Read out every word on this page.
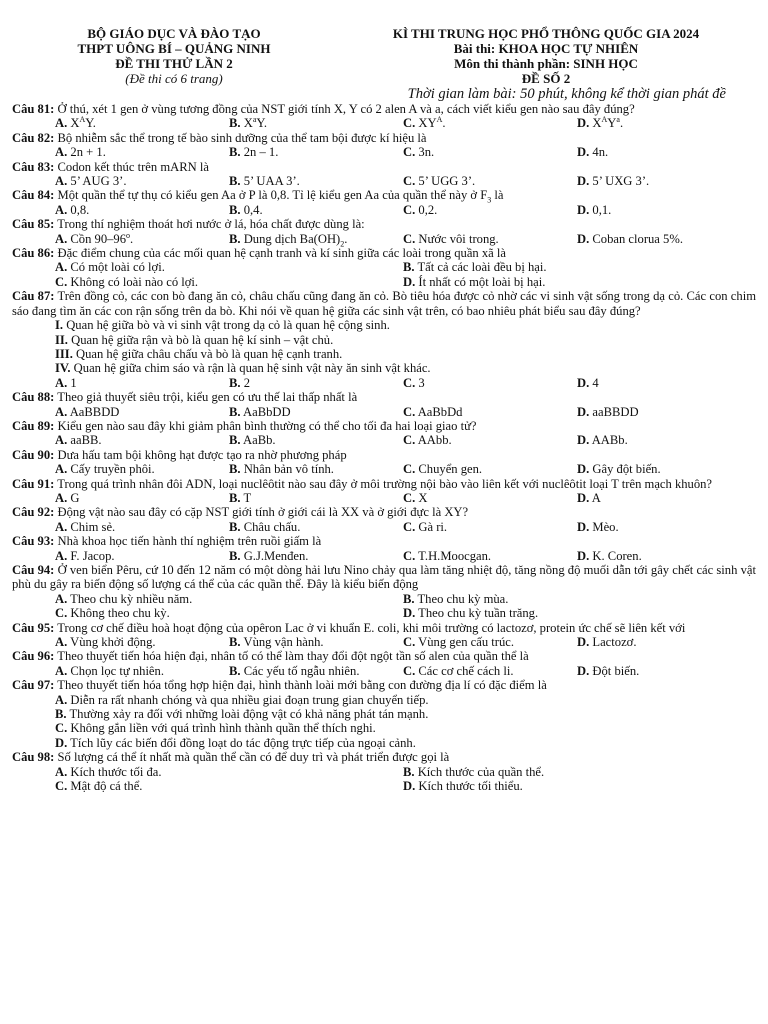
BỘ GIÁO DỤC VÀ ĐÀO TẠO
THPT UÔNG BÍ – QUẢNG NINH
ĐỀ THI THỬ LẦN 2
(Đề thi có 6 trang)
KÌ THI TRUNG HỌC PHỔ THÔNG QUỐC GIA 2024
Bài thi: KHOA HỌC TỰ NHIÊN
Môn thi thành phần: SINH HỌC
ĐỀ SỐ 2
Thời gian làm bài: 50 phút, không kể thời gian phát đề
Câu 81: Ở thú, xét 1 gen ở vùng tương đồng của NST giới tính X, Y có 2 alen A và a, cách viết kiểu gen nào sau đây đúng?
A. $X^AY$.	B. $X^aY$.	C. $XY^A$.	D. $X^AY^a$.
Câu 82: Bộ nhiễm sắc thể trong tế bào sinh dưỡng của thể tam bội được kí hiệu là
A. 2n + 1.	B. 2n – 1.	C. 3n.	D. 4n.
Câu 83: Codon kết thúc trên mARN là
A. 5’ AUG 3’.	B. 5’ UAA 3’.	C. 5’ UGG 3’.	D. 5’ UXG 3’.
Câu 84: Một quần thể tự thụ có kiểu gen Aa ở P là 0,8. Tỉ lệ kiểu gen Aa của quần thể này ở $F_3$ là
A. 0,8.	B. 0,4.	C. 0,2.	D. 0,1.
Câu 85: Trong thí nghiệm thoát hơi nước ở lá, hóa chất được dùng là:
A. Cồn 90–96$^o$.	B. Dung dịch $Ba(OH)_2$.	C. Nước vôi trong.	D. Coban clorua 5%.
Câu 86: Đặc điểm chung của các mối quan hệ cạnh tranh và kí sinh giữa các loài trong quần xã là
A. Có một loài có lợi.	B. Tất cả các loài đều bị hại.
C. Không có loài nào có lợi.	D. Ít nhất có một loài bị hại.
Câu 87: Trên đồng cỏ, các con bò đang ăn cỏ, châu chấu cũng đang ăn cỏ. Bò tiêu hóa được cỏ nhờ các vi sinh vật sống trong dạ cỏ. Các con chim sáo đang tìm ăn các con rận sống trên da bò. Khi nói về quan hệ giữa các sinh vật trên, có bao nhiêu phát biểu sau đây đúng?
I. Quan hệ giữa bò và vi sinh vật trong dạ cỏ là quan hệ cộng sinh.
II. Quan hệ giữa rận và bò là quan hệ kí sinh – vật chủ.
III. Quan hệ giữa châu chấu và bò là quan hệ cạnh tranh.
IV. Quan hệ giữa chim sáo và rận là quan hệ sinh vật này ăn sinh vật khác.
A. 1	B. 2	C. 3	D. 4
Câu 88: Theo giả thuyết siêu trội, kiểu gen có ưu thế lai thấp nhất là
A. AaBBDD	B. AaBbDD	C. AaBbDd	D. aaBBDD
Câu 89: Kiểu gen nào sau đây khi giảm phân bình thường có thể cho tối đa hai loại giao tử?
A. aaBB.	B. AaBb.	C. AAbb.	D. AABb.
Câu 90: Dưa hấu tam bội không hạt được tạo ra nhờ phương pháp
A. Cấy truyền phôi.	B. Nhân bản vô tính.	C. Chuyển gen.	D. Gây đột biến.
Câu 91: Trong quá trình nhân đôi ADN, loại nuclêôtit nào sau đây ở môi trường nội bào vào liên kết với nuclêôtit loại T trên mạch khuôn?
A. G	B. T	C. X	D. A
Câu 92: Động vật nào sau đây có cặp NST giới tính ở giới cái là XX và ở giới đực là XY?
A. Chim sẻ.	B. Châu chấu.	C. Gà ri.	D. Mèo.
Câu 93: Nhà khoa học tiến hành thí nghiệm trên ruồi giấm là
A. F. Jacop.	B. G.J.Menđen.	C. T.H.Moocgan.	D. K. Coren.
Câu 94: Ở ven biển Pêru, cứ 10 đến 12 năm có một dòng hải lưu Nino chảy qua làm tăng nhiệt độ, tăng nồng độ muối dẫn tới gây chết các sinh vật phù du gây ra biến động số lượng cá thể của các quần thể. Đây là kiểu biến động
A. Theo chu kỳ nhiều năm.	B. Theo chu kỳ mùa.
C. Không theo chu kỳ.	D. Theo chu kỳ tuần trăng.
Câu 95: Trong cơ chế điều hoà hoạt động của opêron Lac ở vi khuẩn E. coli, khi môi trường có lactozơ, protein ức chế sẽ liên kết với
A. Vùng khởi động.	B. Vùng vận hành.	C. Vùng gen cấu trúc.	D. Lactozơ.
Câu 96: Theo thuyết tiến hóa hiện đại, nhân tố có thể làm thay đổi đột ngột tần số alen của quần thể là
A. Chọn lọc tự nhiên.	B. Các yếu tố ngẫu nhiên.	C. Các cơ chế cách li.	D. Đột biến.
Câu 97: Theo thuyết tiến hóa tổng hợp hiện đại, hình thành loài mới bằng con đường địa lí có đặc điểm là
A. Diễn ra rất nhanh chóng và qua nhiều giai đoạn trung gian chuyển tiếp.
B. Thường xảy ra đối với những loài động vật có khả năng phát tán mạnh.
C. Không gắn liền với quá trình hình thành quần thể thích nghi.
D. Tích lũy các biến đổi đồng loạt do tác động trực tiếp của ngoại cảnh.
Câu 98: Số lượng cá thể ít nhất mà quần thể cần có để duy trì và phát triển được gọi là
A. Kích thước tối đa.	B. Kích thước của quần thể.
C. Mật độ cá thể.	D. Kích thước tối thiểu.
